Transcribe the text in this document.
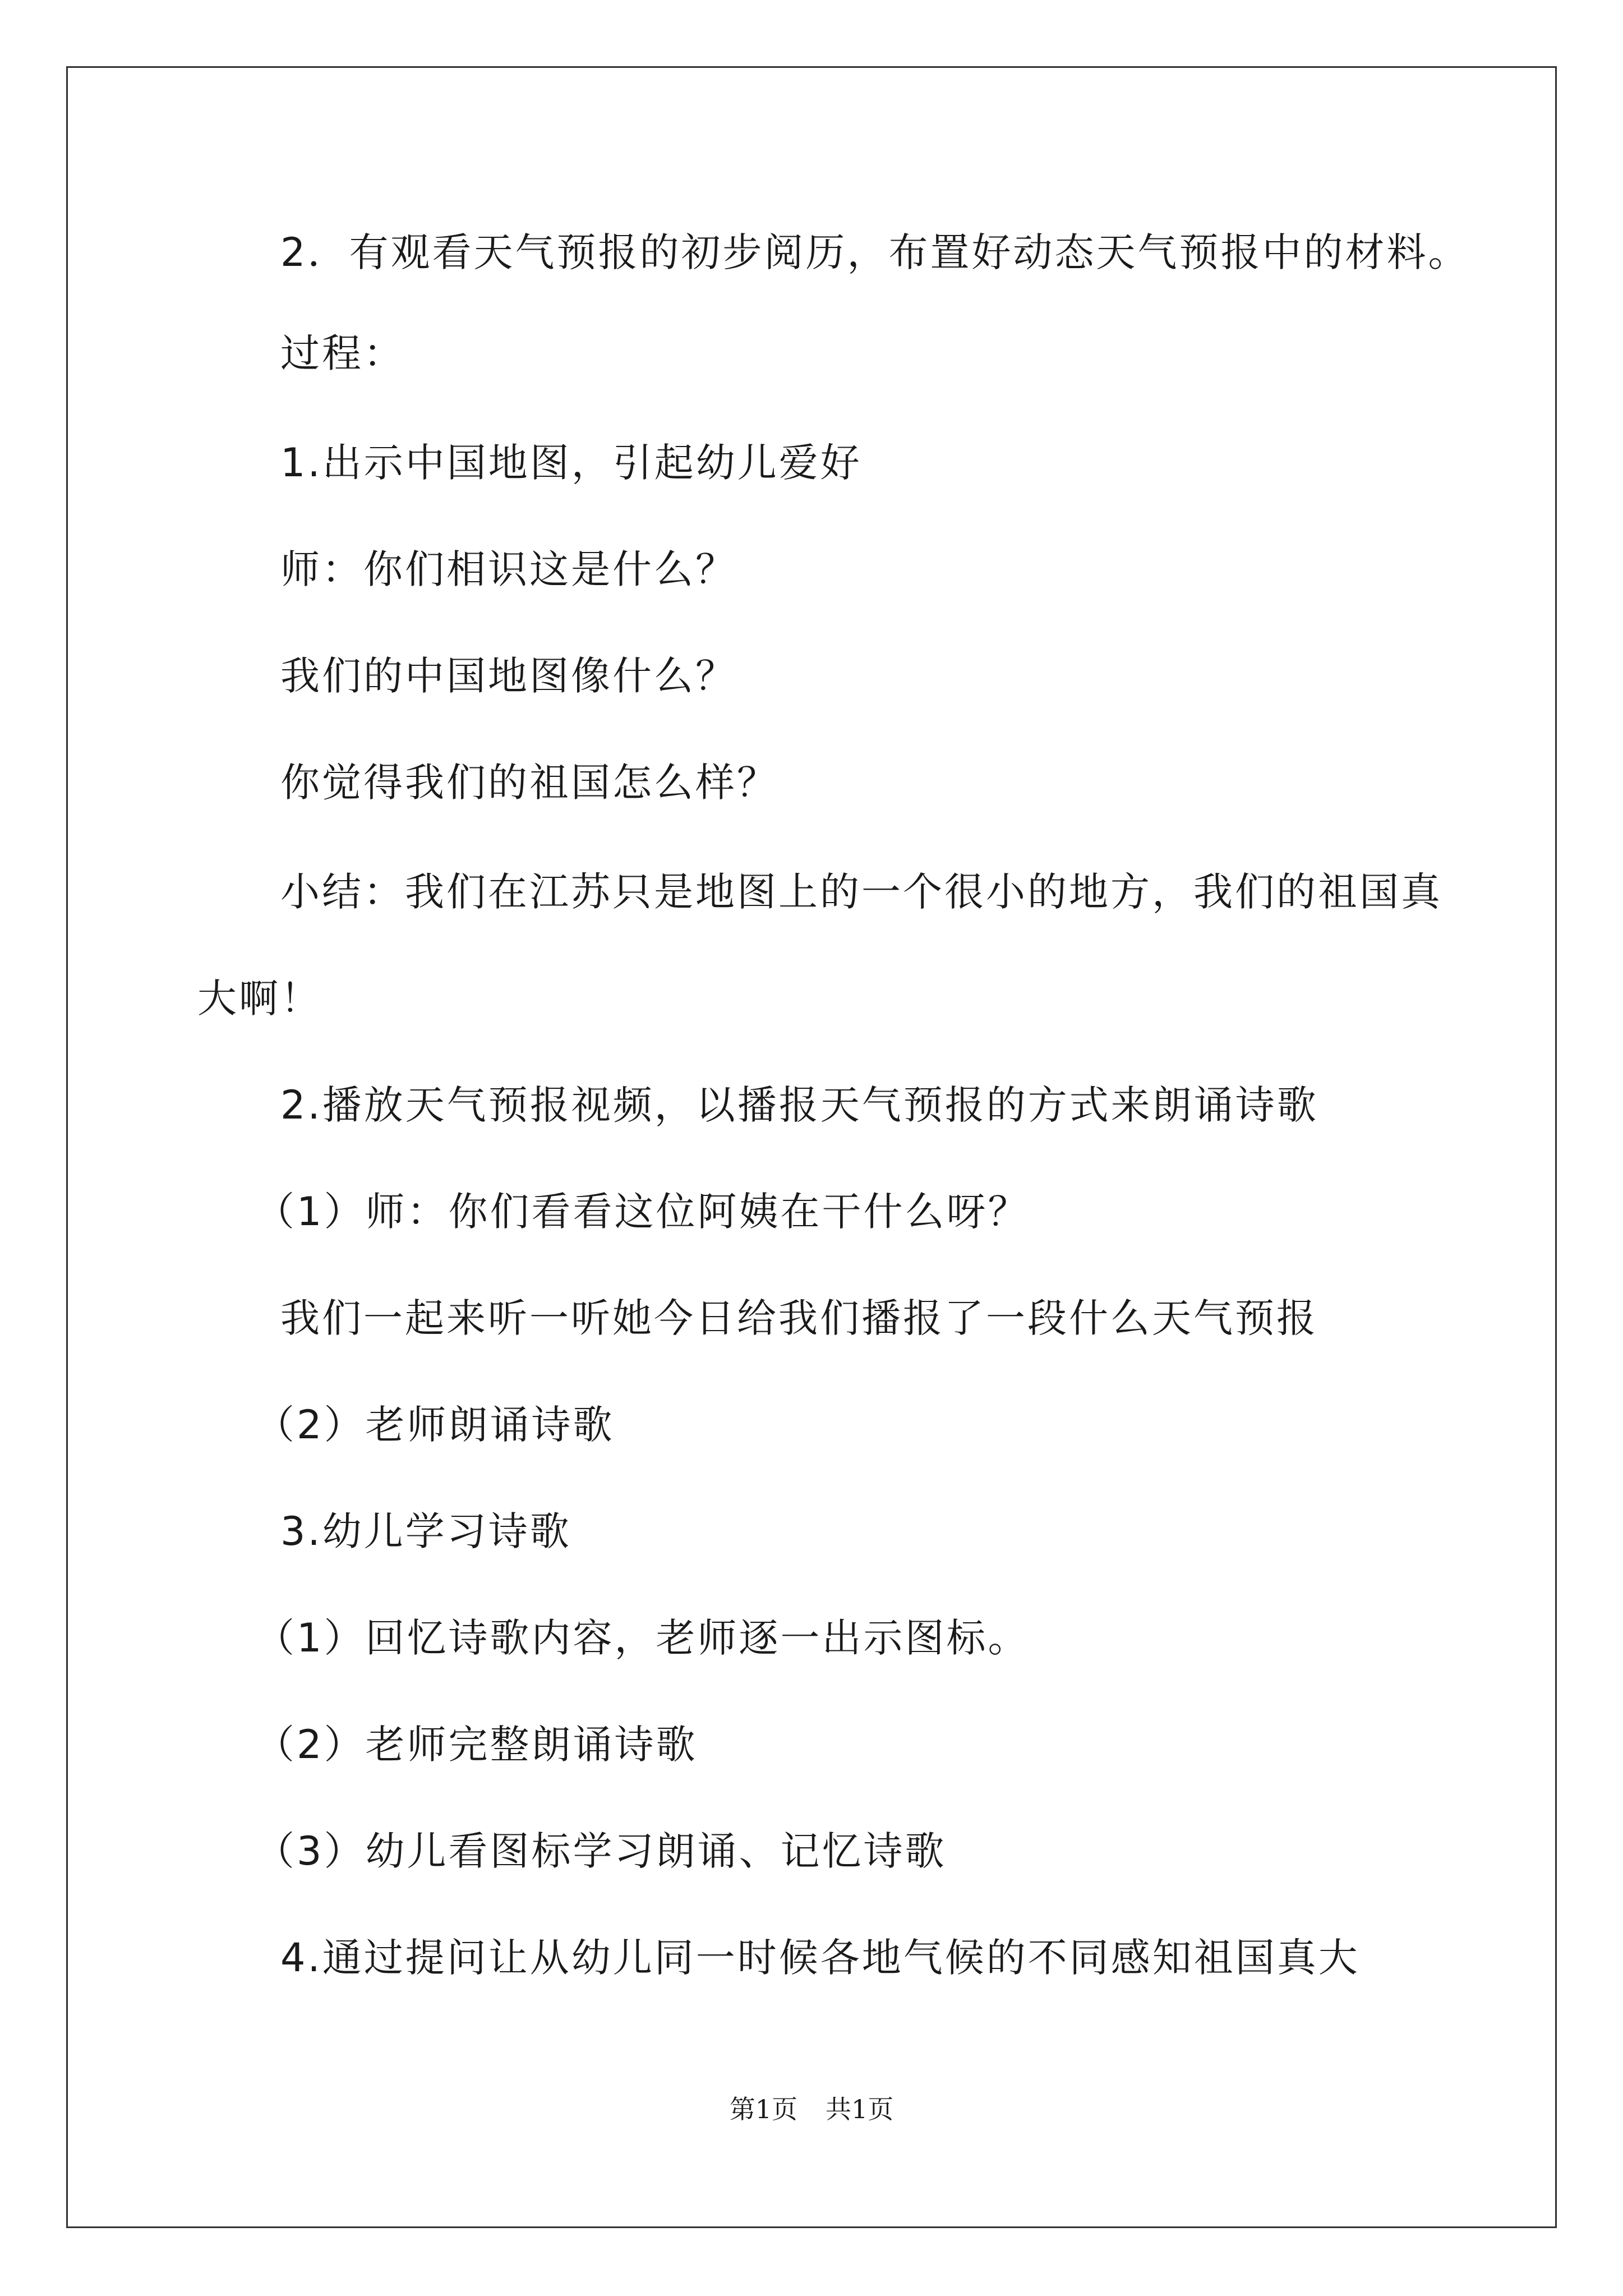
2．有观看天气预报的初步阅历，布置好动态天气预报中的材料。
过程：
1.出示中国地图，引起幼儿爱好
师：你们相识这是什么？
我们的中国地图像什么？
你觉得我们的祖国怎么样？
小结：我们在江苏只是地图上的一个很小的地方，我们的祖国真
大啊！
2.播放天气预报视频，以播报天气预报的方式来朗诵诗歌
（1）师：你们看看这位阿姨在干什么呀？
我们一起来听一听她今日给我们播报了一段什么天气预报
（2）老师朗诵诗歌
3.幼儿学习诗歌
（1）回忆诗歌内容，老师逐一出示图标。
（2）老师完整朗诵诗歌
（3）幼儿看图标学习朗诵、记忆诗歌
4.通过提问让从幼儿同一时候各地气候的不同感知祖国真大
第1页 共1页
